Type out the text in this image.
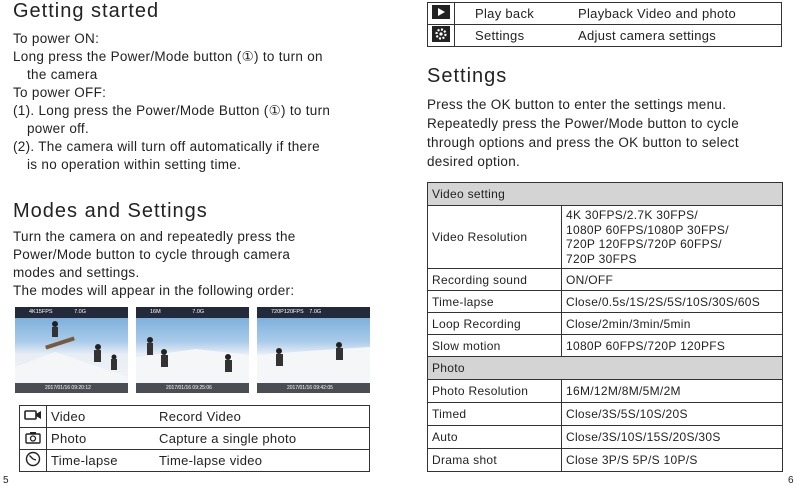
Getting started
To power ON:
Long press the Power/Mode button (①) to turn on
the camera
To power OFF:
(1). Long press the Power/Mode Button (①) to turn
power off.
(2). The camera will turn off automatically if there
is no operation within setting time.
Modes and Settings
Turn the camera on and repeatedly press the
Power/Mode button to cycle through camera
modes and settings.
The modes will appear in the following order:
4K15FPS	7.0G
2017/01/16 09:20:12
16M	7.0G
2017/01/16 09:25:06
720P120FPS 7.0G
2017/01/16 09:42:05
	Video	Record Video
	Photo	Capture a single photo
	Time-lapse	Time-lapse video
5
	Play back	Playback Video and photo
	Settings	Adjust camera settings
Settings
Press the OK button to enter the settings menu.
Repeatedly press the Power/Mode button to cycle
through options and press the OK button to select
desired option.
Video setting	
Video Resolution	4K 30FPS/2.7K 30FPS/
1080P 60FPS/1080P 30FPS/
720P 120FPS/720P 60FPS/
720P 30FPS

Recording sound	ON/OFF
Time-lapse	Close/0.5s/1S/2S/5S/10S/30S/60S
Loop Recording	Close/2min/3min/5min
Slow motion	1080P 60FPS/720P 120PFS
Photo	
Photo Resolution	16M/12M/8M/5M/2M
Timed	Close/3S/5S/10S/20S
Auto	Close/3S/10S/15S/20S/30S
Drama shot	Close 3P/S 5P/S 10P/S
6
